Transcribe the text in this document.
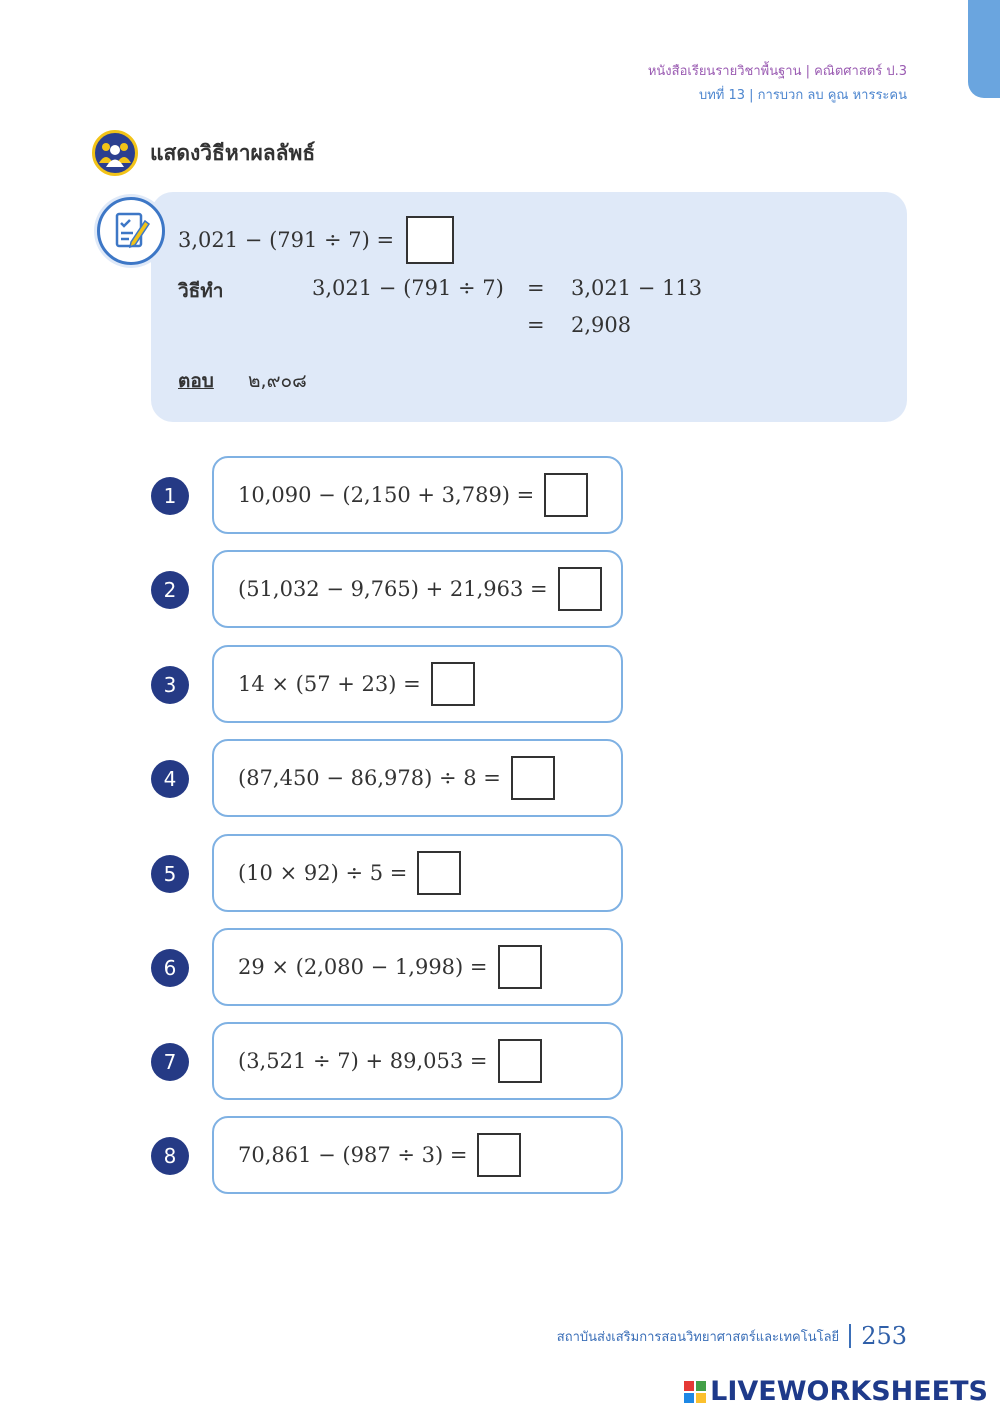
หนังสือเรียนรายวิชาพื้นฐาน | คณิตศาสตร์ ป.3
บทที่ 13 | การบวก ลบ คูณ หารระคน
แสดงวิธีหาผลลัพธ์
3,021 − (791 ÷ 7) =
วิธีทำ	3,021 − (791 ÷ 7) = 3,021 − 113
= 2,908
ตอบ ๒,๙๐๘
1	10,090 − (2,150 + 3,789) =
2	(51,032 − 9,765) + 21,963 =
3	14 × (57 + 23) =
4	(87,450 − 86,978) ÷ 8 =
5	(10 × 92) ÷ 5 =
6	29 × (2,080 − 1,998) =
7	(3,521 ÷ 7) + 89,053 =
8	70,861 − (987 ÷ 3) =
สถาบันส่งเสริมการสอนวิทยาศาสตร์และเทคโนโลยี 253
LIVEWORKSHEETS
